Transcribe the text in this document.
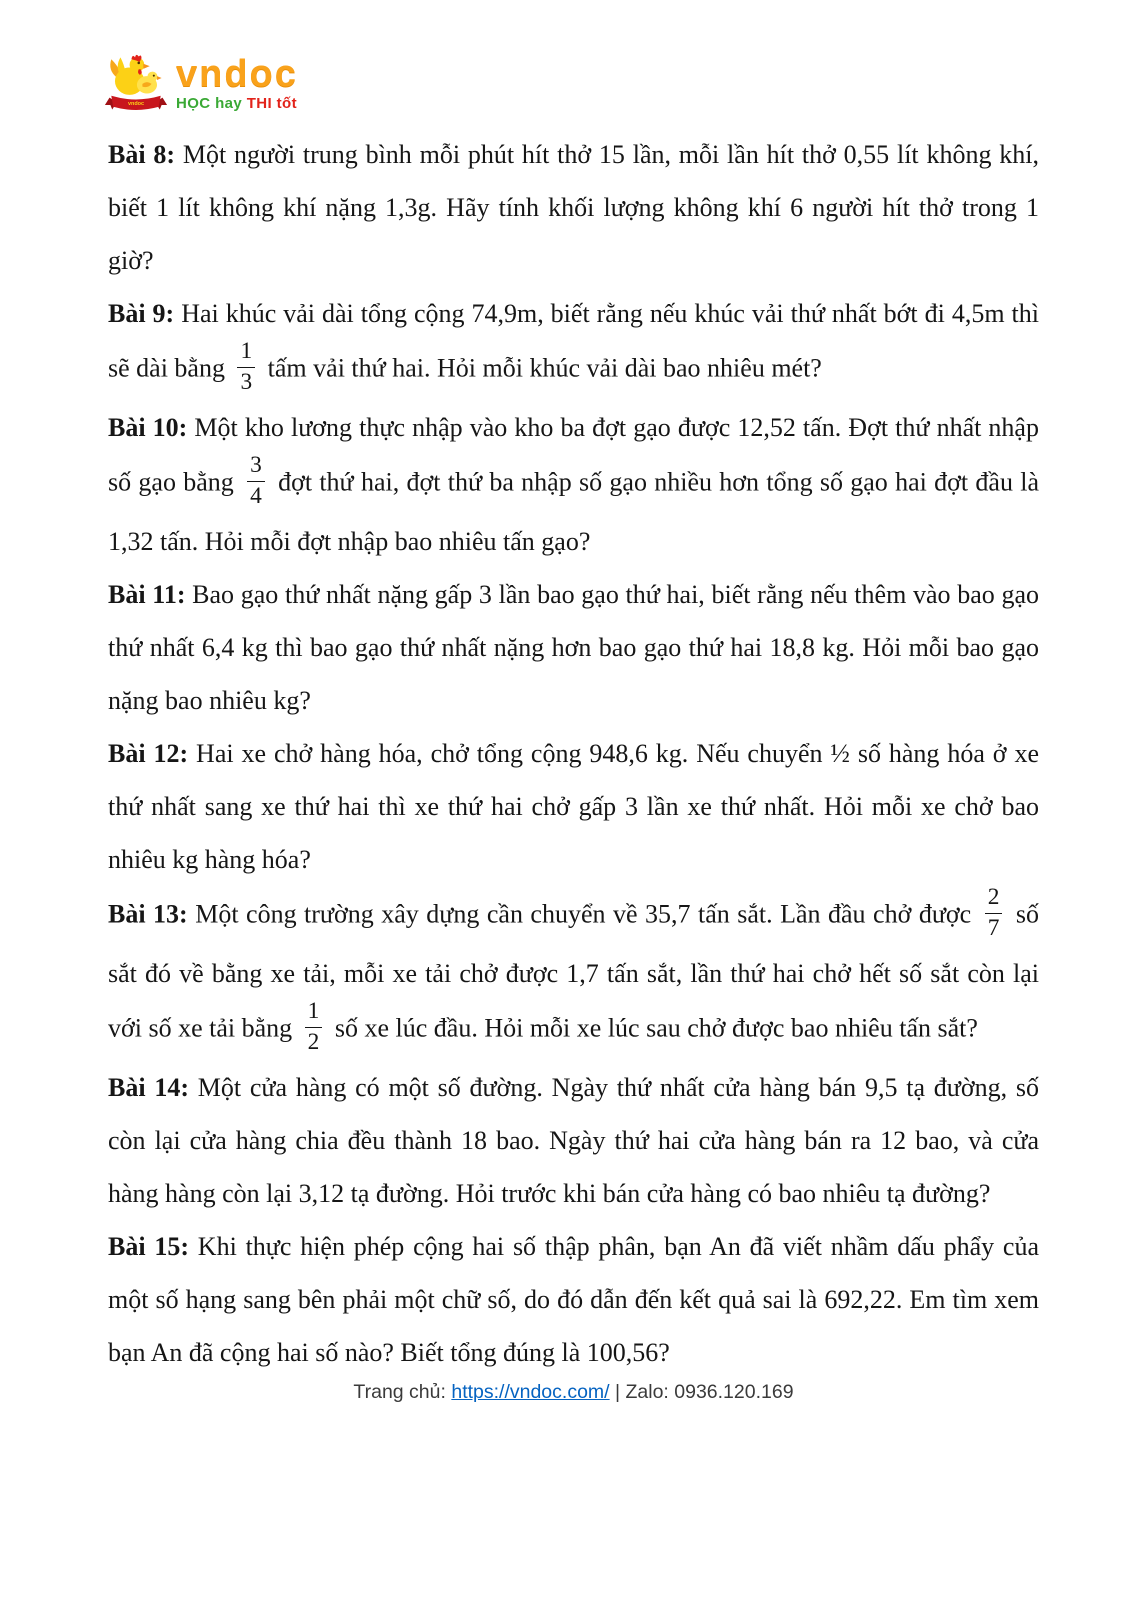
vndoc
vndoc
HỌC hay THI tốt

Bài 8: Một người trung bình mỗi phút hít thở 15 lần, mỗi lần hít thở 0,55 lít không khí, biết 1 lít không khí nặng 1,3g. Hãy tính khối lượng không khí 6 người hít thở trong 1 giờ?

Bài 9: Hai khúc vải dài tổng cộng 74,9m, biết rằng nếu khúc vải thứ nhất bớt đi 4,5m thì sẽ dài bằng $\frac{1}{3}$ tấm vải thứ hai. Hỏi mỗi khúc vải dài bao nhiêu mét?

Bài 10: Một kho lương thực nhập vào kho ba đợt gạo được 12,52 tấn. Đợt thứ nhất nhập số gạo bằng $\frac{3}{4}$ đợt thứ hai, đợt thứ ba nhập số gạo nhiều hơn tổng số gạo hai đợt đầu là 1,32 tấn. Hỏi mỗi đợt nhập bao nhiêu tấn gạo?

Bài 11: Bao gạo thứ nhất nặng gấp 3 lần bao gạo thứ hai, biết rằng nếu thêm vào bao gạo thứ nhất 6,4 kg thì bao gạo thứ nhất nặng hơn bao gạo thứ hai 18,8 kg. Hỏi mỗi bao gạo nặng bao nhiêu kg?

Bài 12: Hai xe chở hàng hóa, chở tổng cộng 948,6 kg. Nếu chuyển ½ số hàng hóa ở xe thứ nhất sang xe thứ hai thì xe thứ hai chở gấp 3 lần xe thứ nhất. Hỏi mỗi xe chở bao nhiêu kg hàng hóa?

Bài 13: Một công trường xây dựng cần chuyển về 35,7 tấn sắt. Lần đầu chở được $\frac{2}{7}$ số sắt đó về bằng xe tải, mỗi xe tải chở được 1,7 tấn sắt, lần thứ hai chở hết số sắt còn lại với số xe tải bằng $\frac{1}{2}$ số xe lúc đầu. Hỏi mỗi xe lúc sau chở được bao nhiêu tấn sắt?

Bài 14: Một cửa hàng có một số đường. Ngày thứ nhất cửa hàng bán 9,5 tạ đường, số còn lại cửa hàng chia đều thành 18 bao. Ngày thứ hai cửa hàng bán ra 12 bao, và cửa hàng hàng còn lại 3,12 tạ đường. Hỏi trước khi bán cửa hàng có bao nhiêu tạ đường?

Bài 15: Khi thực hiện phép cộng hai số thập phân, bạn An đã viết nhầm dấu phẩy của một số hạng sang bên phải một chữ số, do đó dẫn đến kết quả sai là 692,22. Em tìm xem bạn An đã cộng hai số nào? Biết tổng đúng là 100,56?

Trang chủ: https://vndoc.com/ | Zalo: 0936.120.169
